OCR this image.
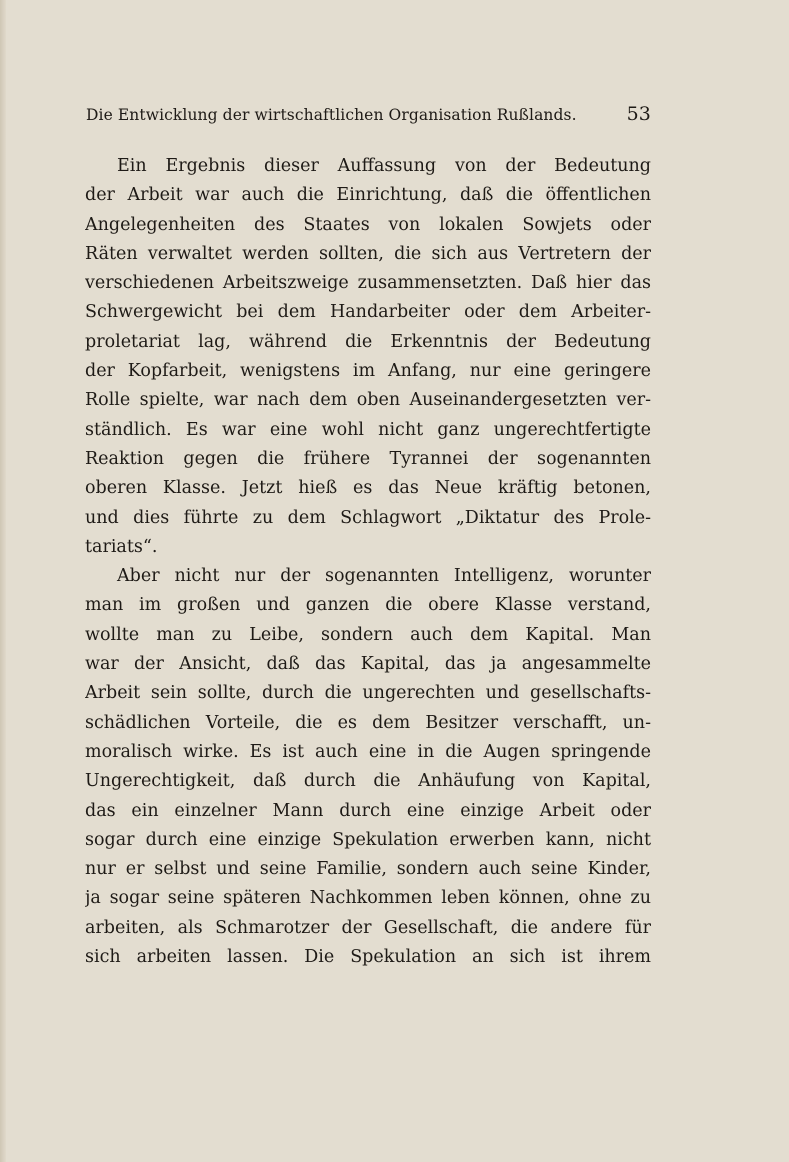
Die Entwicklung der wirtschaftlichen Organisation Rußlands.	53
Ein Ergebnis dieser Auffassung von der Bedeutung
der Arbeit war auch die Einrichtung, daß die öffentlichen
Angelegenheiten des Staates von lokalen Sowjets oder
Räten verwaltet werden sollten, die sich aus Vertretern der
verschiedenen Arbeitszweige zusammensetzten. Daß hier das
Schwergewicht bei dem Handarbeiter oder dem Arbeiter-
proletariat lag, während die Erkenntnis der Bedeutung
der Kopfarbeit, wenigstens im Anfang, nur eine geringere
Rolle spielte, war nach dem oben Auseinandergesetzten ver-
ständlich. Es war eine wohl nicht ganz ungerechtfertigte
Reaktion gegen die frühere Tyrannei der sogenannten
oberen Klasse. Jetzt hieß es das Neue kräftig betonen,
und dies führte zu dem Schlagwort „Diktatur des Prole-
tariats“.
Aber nicht nur der sogenannten Intelligenz, worunter
man im großen und ganzen die obere Klasse verstand,
wollte man zu Leibe, sondern auch dem Kapital. Man
war der Ansicht, daß das Kapital, das ja angesammelte
Arbeit sein sollte, durch die ungerechten und gesellschafts-
schädlichen Vorteile, die es dem Besitzer verschafft, un-
moralisch wirke. Es ist auch eine in die Augen springende
Ungerechtigkeit, daß durch die Anhäufung von Kapital,
das ein einzelner Mann durch eine einzige Arbeit oder
sogar durch eine einzige Spekulation erwerben kann, nicht
nur er selbst und seine Familie, sondern auch seine Kinder,
ja sogar seine späteren Nachkommen leben können, ohne zu
arbeiten, als Schmarotzer der Gesellschaft, die andere für
sich arbeiten lassen. Die Spekulation an sich ist ihrem
